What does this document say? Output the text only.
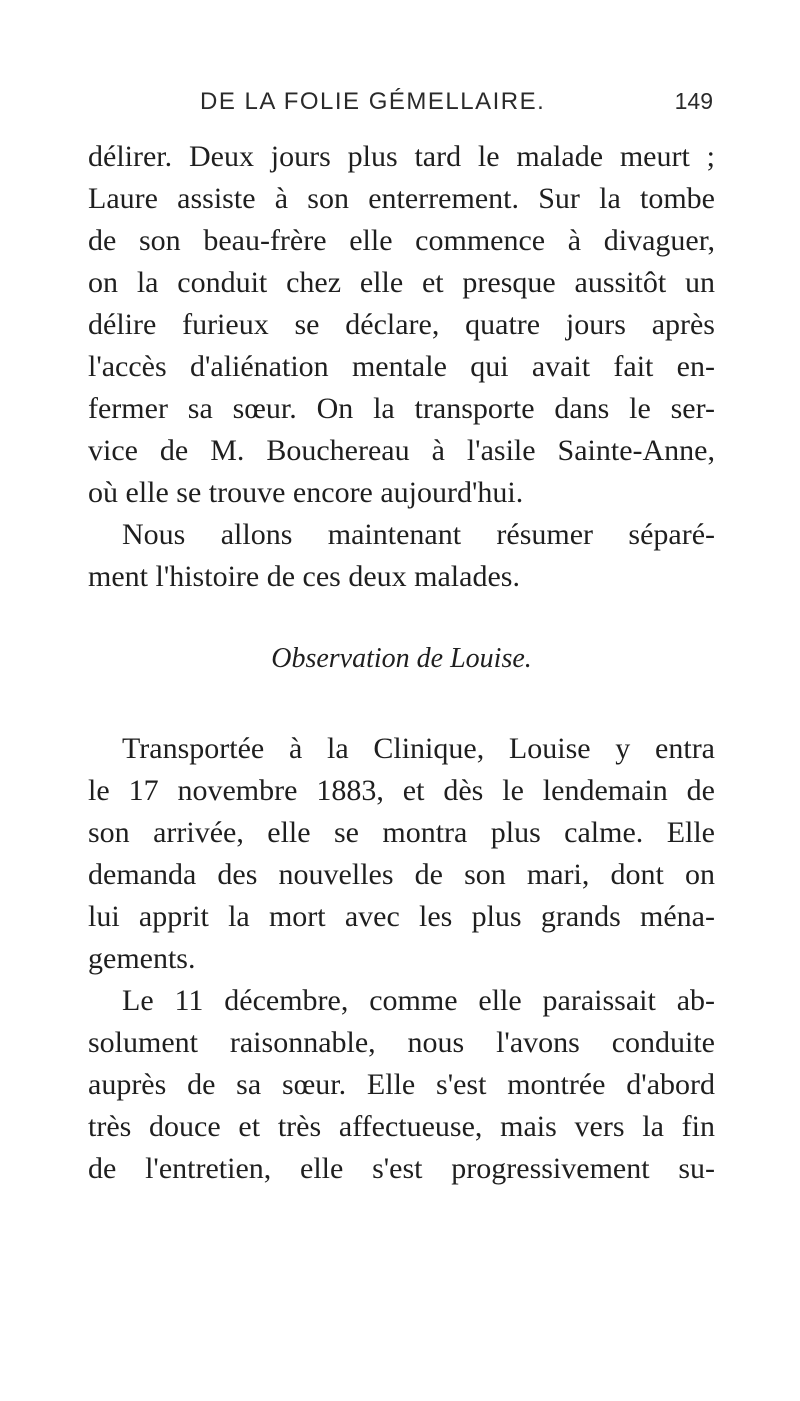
DE LA FOLIE GÉMELLAIRE.	149
délirer. Deux jours plus tard le malade meurt ;
Laure assiste à son enterrement. Sur la tombe
de son beau-frère elle commence à divaguer,
on la conduit chez elle et presque aussitôt un
délire furieux se déclare, quatre jours après
l'accès d'aliénation mentale qui avait fait en-
fermer sa sœur. On la transporte dans le ser-
vice de M. Bouchereau à l'asile Sainte-Anne,
où elle se trouve encore aujourd'hui.
Nous allons maintenant résumer séparé-
ment l'histoire de ces deux malades.
Observation de Louise.
Transportée à la Clinique, Louise y entra
le 17 novembre 1883, et dès le lendemain de
son arrivée, elle se montra plus calme. Elle
demanda des nouvelles de son mari, dont on
lui apprit la mort avec les plus grands ména-
gements.
Le 11 décembre, comme elle paraissait ab-
solument raisonnable, nous l'avons conduite
auprès de sa sœur. Elle s'est montrée d'abord
très douce et très affectueuse, mais vers la fin
de l'entretien, elle s'est progressivement su-
